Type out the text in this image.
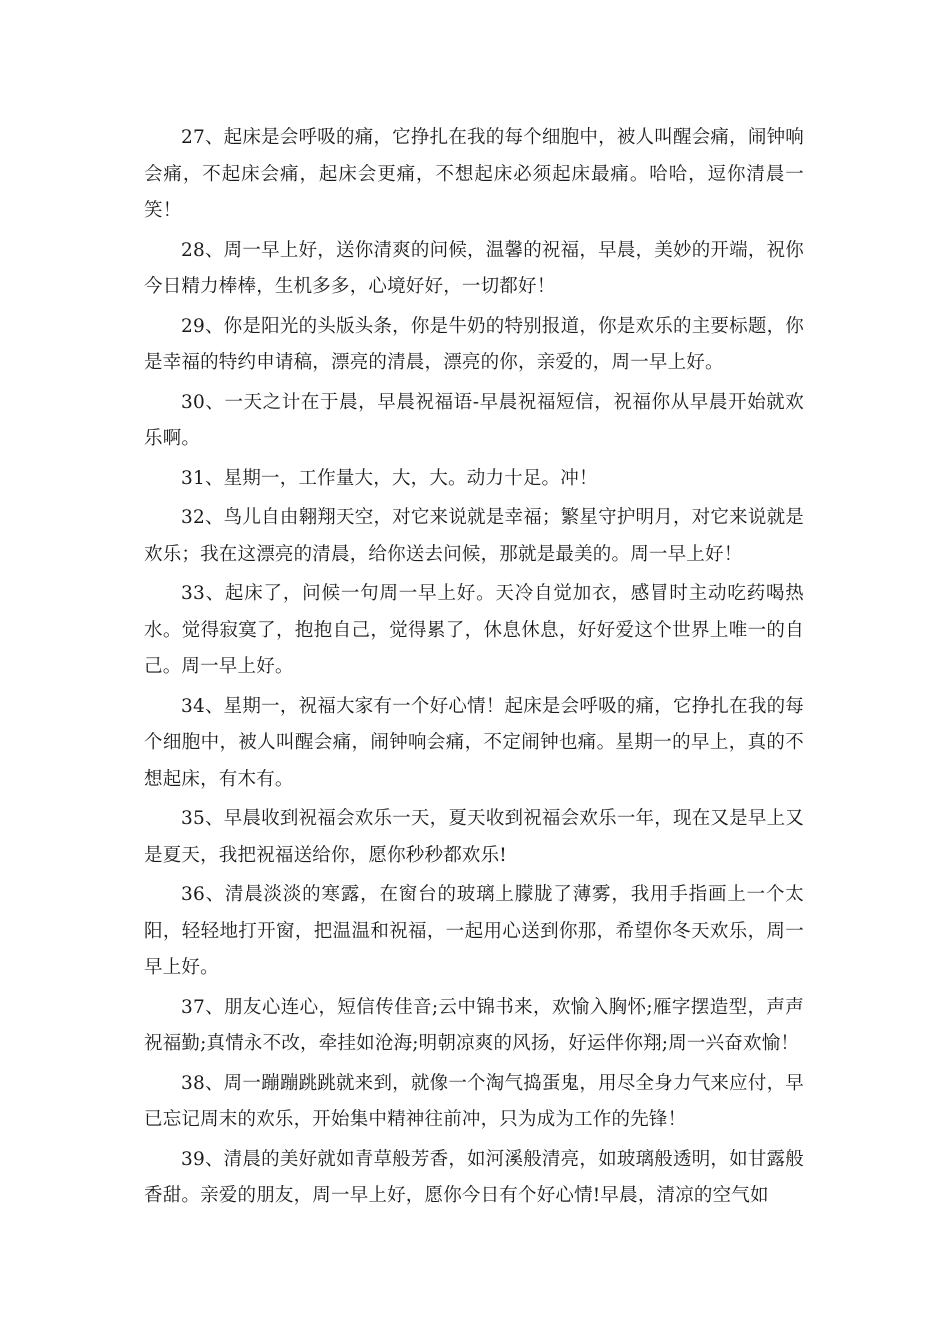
27、起床是会呼吸的痛，它挣扎在我的每个细胞中，被人叫醒会痛，闹钟响会痛，不起床会痛，起床会更痛，不想起床必须起床最痛。哈哈，逗你清晨一笑！

28、周一早上好，送你清爽的问候，温馨的祝福，早晨，美妙的开端，祝你今日精力棒棒，生机多多，心境好好，一切都好！

29、你是阳光的头版头条，你是牛奶的特别报道，你是欢乐的主要标题，你是幸福的特约申请稿，漂亮的清晨，漂亮的你，亲爱的，周一早上好。

30、一天之计在于晨，早晨祝福语-早晨祝福短信，祝福你从早晨开始就欢乐啊。

31、星期一，工作量大，大，大。动力十足。冲！

32、鸟儿自由翱翔天空，对它来说就是幸福；繁星守护明月，对它来说就是欢乐；我在这漂亮的清晨，给你送去问候，那就是最美的。周一早上好！

33、起床了，问候一句周一早上好。天冷自觉加衣，感冒时主动吃药喝热水。觉得寂寞了，抱抱自己，觉得累了，休息休息，好好爱这个世界上唯一的自己。周一早上好。

34、星期一，祝福大家有一个好心情！起床是会呼吸的痛，它挣扎在我的每个细胞中，被人叫醒会痛，闹钟响会痛，不定闹钟也痛。星期一的早上，真的不想起床，有木有。

35、早晨收到祝福会欢乐一天，夏天收到祝福会欢乐一年，现在又是早上又是夏天，我把祝福送给你，愿你秒秒都欢乐!

36、清晨淡淡的寒露，在窗台的玻璃上朦胧了薄雾，我用手指画上一个太阳，轻轻地打开窗，把温温和祝福，一起用心送到你那，希望你冬天欢乐，周一早上好。

37、朋友心连心，短信传佳音;云中锦书来，欢愉入胸怀;雁字摆造型，声声祝福勤;真情永不改，牵挂如沧海;明朝凉爽的风扬，好运伴你翔;周一兴奋欢愉！

38、周一蹦蹦跳跳就来到，就像一个淘气捣蛋鬼，用尽全身力气来应付，早已忘记周末的欢乐，开始集中精神往前冲，只为成为工作的先锋！

39、清晨的美好就如青草般芳香，如河溪般清亮，如玻璃般透明，如甘露般香甜。亲爱的朋友，周一早上好，愿你今日有个好心情!早晨，清凉的空气如
